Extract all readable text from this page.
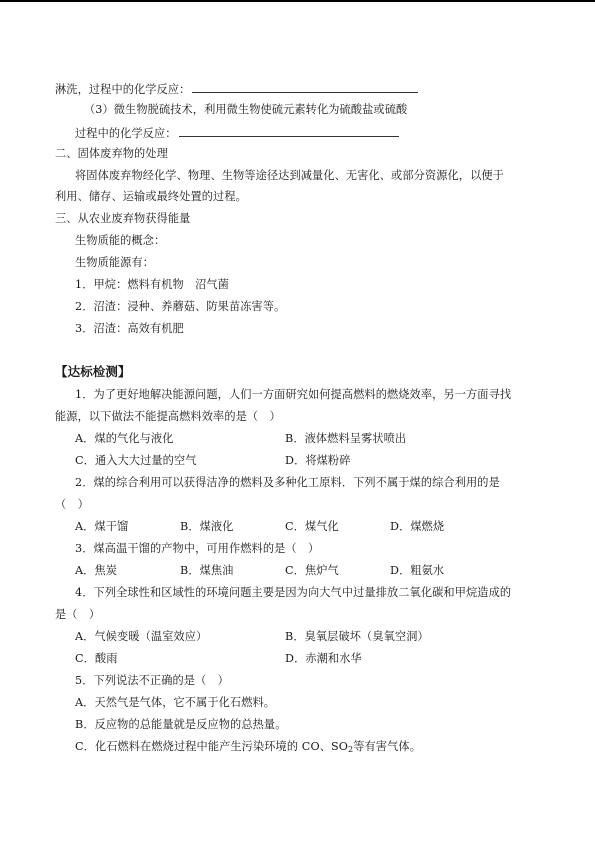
淋洗，过程中的化学反应：
（3）微生物脱硫技术，利用微生物使硫元素转化为硫酸盐或硫酸
过程中的化学反应：
二、固体废弃物的处理
将固体废弃物经化学、物理、生物等途径达到减量化、无害化、或部分资源化，以便于
利用、储存、运输或最终处置的过程。
三、从农业废弃物获得能量
生物质能的概念：
生物质能源有：
1．甲烷：燃料有机物　沼气菌
2．沼渣：浸种、养蘑菇、防果苗冻害等。
3．沼渣：高效有机肥
【达标检测】
1．为了更好地解决能源问题，人们一方面研究如何提高燃料的燃烧效率，另一方面寻找
能源，以下做法不能提高燃料效率的是（　）
A．煤的气化与液化	B．液体燃料呈雾状喷出
C．通入大大过量的空气	D．将煤粉碎
2．煤的综合利用可以获得洁净的燃料及多种化工原料．下列不属于煤的综合利用的是
（　）
A．煤干馏	B．煤液化	C．煤气化	D．煤燃烧
3．煤高温干馏的产物中，可用作燃料的是（　）
A．焦炭	B．煤焦油	C．焦炉气	D．粗氨水
4．下列全球性和区域性的环境问题主要是因为向大气中过量排放二氧化碳和甲烷造成的
是（　）
A．气候变暖（温室效应）	B．臭氧层破坏（臭氧空洞）
C．酸雨	D．赤潮和水华
5．下列说法不正确的是（　）
A．天然气是气体，它不属于化石燃料。
B．反应物的总能量就是反应物的总热量。
C．化石燃料在燃烧过程中能产生污染环境的 CO、$SO_2$等有害气体。
